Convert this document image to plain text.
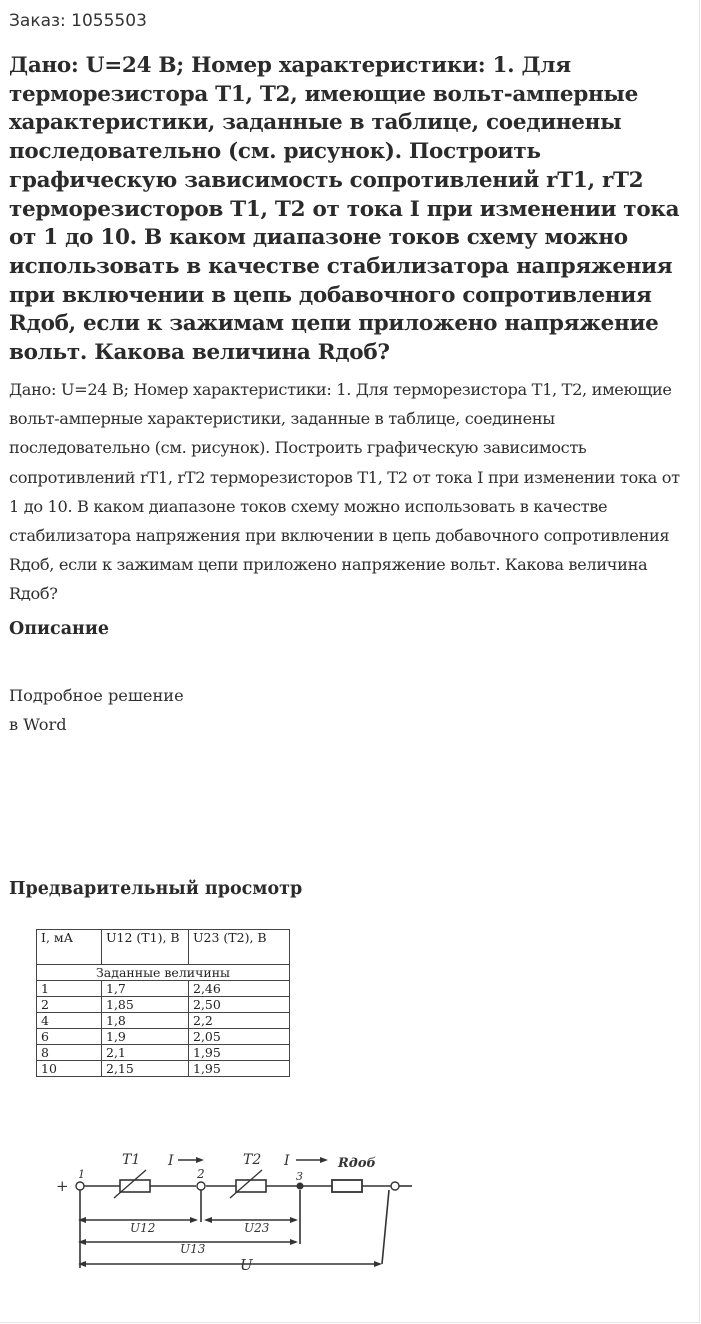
Заказ: 1055503
Дано: U=24 В; Номер характеристики: 1. Для терморезистора Т1, Т2, имеющие вольт-амперные характеристики, заданные в таблице, соединены последовательно (см. рисунок). Построить графическую зависимость сопротивлений rТ1, rТ2 терморезисторов Т1, Т2 от тока I при изменении тока от 1 до 10. В каком диапазоне токов схему можно использовать в качестве стабилизатора напряжения при включении в цепь добавочного сопротивления Rдоб, если к зажимам цепи приложено напряжение вольт. Какова величина Rдоб?

Дано: U=24 В; Номер характеристики: 1. Для терморезистора Т1, Т2, имеющие вольт-амперные характеристики, заданные в таблице, соединены последовательно (см. рисунок). Построить графическую зависимость сопротивлений rТ1, rТ2 терморезисторов Т1, Т2 от тока I при изменении тока от 1 до 10. В каком диапазоне токов схему можно использовать в качестве стабилизатора напряжения при включении в цепь добавочного сопротивления Rдоб, если к зажимам цепи приложено напряжение вольт. Какова величина Rдоб?

Описание
Подробное решение
в Word
Предварительный просмотр
I, мА	U12 (T1), В	U23 (T2), В
Заданные величины		
1	1,7	2,46
2	1,85	2,50
4	1,8	2,2
6	1,9	2,05
8	2,1	1,95
10	2,15	1,95
+
1	2	3
T1	T2
I	I	Rдоб
U12	U23
U13
U
